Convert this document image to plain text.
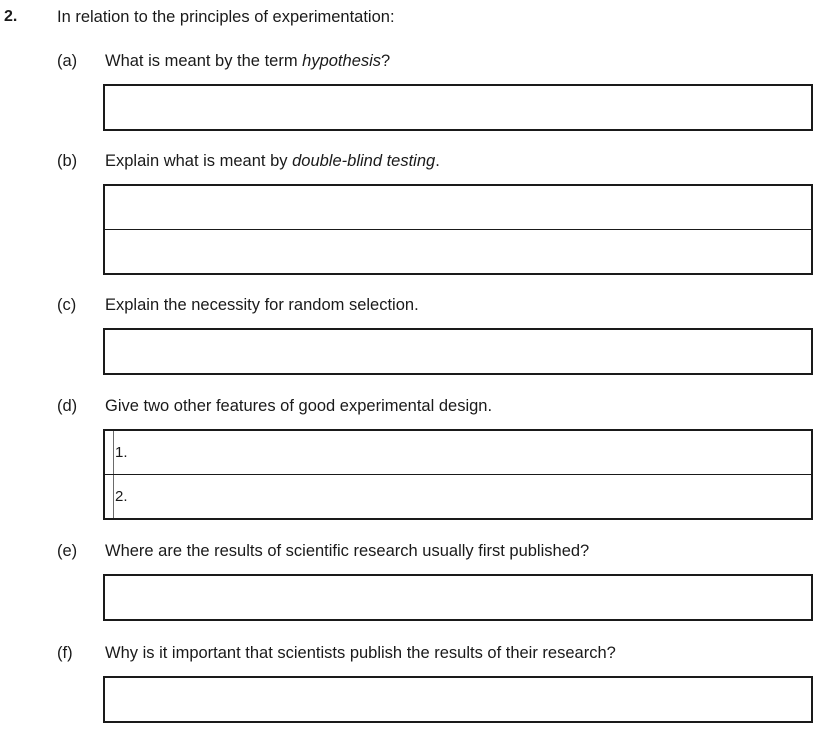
2. In relation to the principles of experimentation:
(a) What is meant by the term hypothesis?
(b) Explain what is meant by double-blind testing.
(c) Explain the necessity for random selection.
(d) Give two other features of good experimental design.
1.
2.
(e) Where are the results of scientific research usually first published?
(f) Why is it important that scientists publish the results of their research?
